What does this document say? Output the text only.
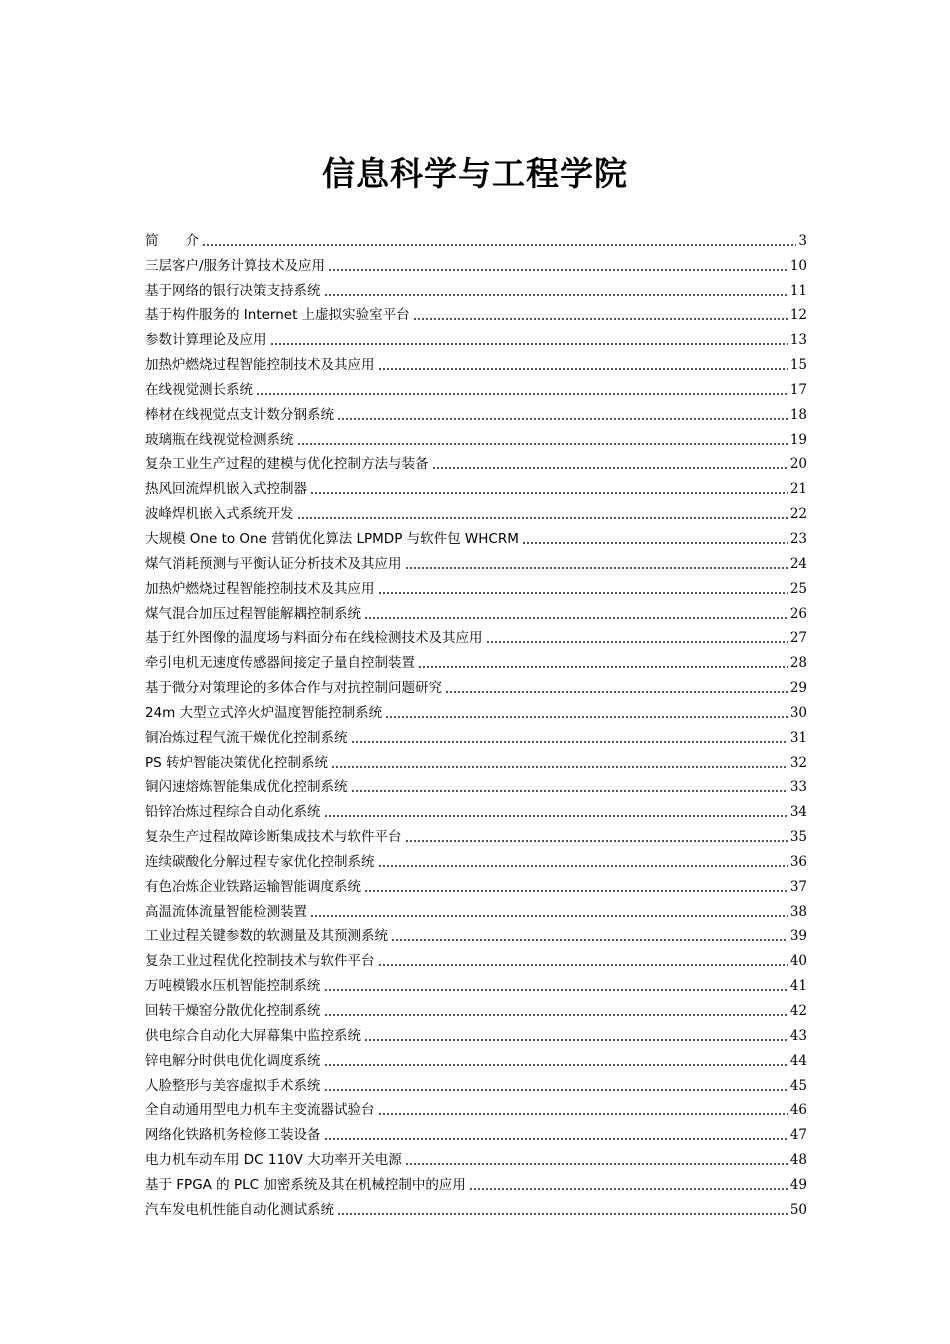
信息科学与工程学院
简　　介	3
三层客户/服务计算技术及应用	10
基于网络的银行决策支持系统	11
基于构件服务的 Internet 上虚拟实验室平台	12
参数计算理论及应用	13
加热炉燃烧过程智能控制技术及其应用	15
在线视觉测长系统	17
棒材在线视觉点支计数分钢系统	18
玻璃瓶在线视觉检测系统	19
复杂工业生产过程的建模与优化控制方法与装备	20
热风回流焊机嵌入式控制器	21
波峰焊机嵌入式系统开发	22
大规模 One to One 营销优化算法 LPMDP 与软件包 WHCRM	23
煤气消耗预测与平衡认证分析技术及其应用	24
加热炉燃烧过程智能控制技术及其应用	25
煤气混合加压过程智能解耦控制系统	26
基于红外图像的温度场与料面分布在线检测技术及其应用	27
牵引电机无速度传感器间接定子量自控制装置	28
基于微分对策理论的多体合作与对抗控制问题研究	29
24m 大型立式淬火炉温度智能控制系统	30
铜冶炼过程气流干燥优化控制系统	31
PS 转炉智能决策优化控制系统	32
铜闪速熔炼智能集成优化控制系统	33
铅锌冶炼过程综合自动化系统	34
复杂生产过程故障诊断集成技术与软件平台	35
连续碳酸化分解过程专家优化控制系统	36
有色冶炼企业铁路运输智能调度系统	37
高温流体流量智能检测装置	38
工业过程关键参数的软测量及其预测系统	39
复杂工业过程优化控制技术与软件平台	40
万吨模锻水压机智能控制系统	41
回转干燥窑分散优化控制系统	42
供电综合自动化大屏幕集中监控系统	43
锌电解分时供电优化调度系统	44
人脸整形与美容虚拟手术系统	45
全自动通用型电力机车主变流器试验台	46
网络化铁路机务检修工装设备	47
电力机车动车用 DC 110V 大功率开关电源	48
基于 FPGA 的 PLC 加密系统及其在机械控制中的应用	49
汽车发电机性能自动化测试系统	50
